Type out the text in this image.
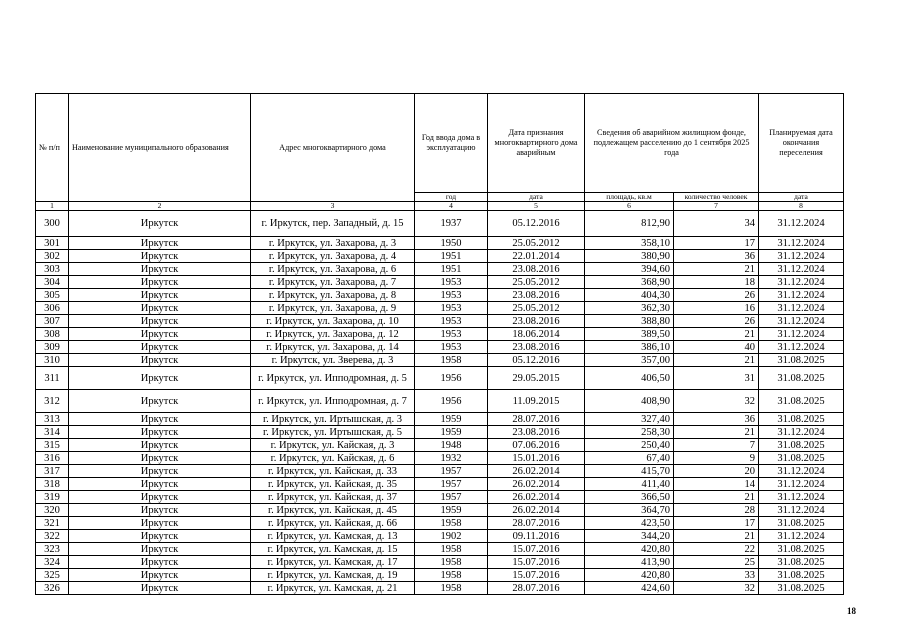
№ п/п	Наименование муниципального образования	Адрес многоквартирного дома	Год ввода дома в эксплуатацию	Дата признания многоквартирного дома аварийным	Сведения об аварийном жилищном фонде, подлежащем расселению до 1 сентября 2025 года		Планируемая дата окончания переселения
			год	дата	площадь, кв.м	количество человек	дата
1	2	3	4	5	6	7	8
300	Иркутск	г. Иркутск, пер. Западный, д. 15	1937	05.12.2016	812,90	34	31.12.2024
301	Иркутск	г. Иркутск, ул. Захарова, д. 3	1950	25.05.2012	358,10	17	31.12.2024
302	Иркутск	г. Иркутск, ул. Захарова, д. 4	1951	22.01.2014	380,90	36	31.12.2024
303	Иркутск	г. Иркутск, ул. Захарова, д. 6	1951	23.08.2016	394,60	21	31.12.2024
304	Иркутск	г. Иркутск, ул. Захарова, д. 7	1953	25.05.2012	368,90	18	31.12.2024
305	Иркутск	г. Иркутск, ул. Захарова, д. 8	1953	23.08.2016	404,30	26	31.12.2024
306	Иркутск	г. Иркутск, ул. Захарова, д. 9	1953	25.05.2012	362,30	16	31.12.2024
307	Иркутск	г. Иркутск, ул. Захарова, д. 10	1953	23.08.2016	388,80	26	31.12.2024
308	Иркутск	г. Иркутск, ул. Захарова, д. 12	1953	18.06.2014	389,50	21	31.12.2024
309	Иркутск	г. Иркутск, ул. Захарова, д. 14	1953	23.08.2016	386,10	40	31.12.2024
310	Иркутск	г. Иркутск, ул. Зверева, д. 3	1958	05.12.2016	357,00	21	31.08.2025
311	Иркутск	г. Иркутск, ул. Ипподромная, д. 5	1956	29.05.2015	406,50	31	31.08.2025
312	Иркутск	г. Иркутск, ул. Ипподромная, д. 7	1956	11.09.2015	408,90	32	31.08.2025
313	Иркутск	г. Иркутск, ул. Иртышская, д. 3	1959	28.07.2016	327,40	36	31.08.2025
314	Иркутск	г. Иркутск, ул. Иртышская, д. 5	1959	23.08.2016	258,30	21	31.12.2024
315	Иркутск	г. Иркутск, ул. Кайская, д. 3	1948	07.06.2016	250,40	7	31.08.2025
316	Иркутск	г. Иркутск, ул. Кайская, д. 6	1932	15.01.2016	67,40	9	31.08.2025
317	Иркутск	г. Иркутск, ул. Кайская, д. 33	1957	26.02.2014	415,70	20	31.12.2024
318	Иркутск	г. Иркутск, ул. Кайская, д. 35	1957	26.02.2014	411,40	14	31.12.2024
319	Иркутск	г. Иркутск, ул. Кайская, д. 37	1957	26.02.2014	366,50	21	31.12.2024
320	Иркутск	г. Иркутск, ул. Кайская, д. 45	1959	26.02.2014	364,70	28	31.12.2024
321	Иркутск	г. Иркутск, ул. Кайская, д. 66	1958	28.07.2016	423,50	17	31.08.2025
322	Иркутск	г. Иркутск, ул. Камская, д. 13	1902	09.11.2016	344,20	21	31.12.2024
323	Иркутск	г. Иркутск, ул. Камская, д. 15	1958	15.07.2016	420,80	22	31.08.2025
324	Иркутск	г. Иркутск, ул. Камская, д. 17	1958	15.07.2016	413,90	25	31.08.2025
325	Иркутск	г. Иркутск, ул. Камская, д. 19	1958	15.07.2016	420,80	33	31.08.2025
326	Иркутск	г. Иркутск, ул. Камская, д. 21	1958	28.07.2016	424,60	32	31.08.2025
18
